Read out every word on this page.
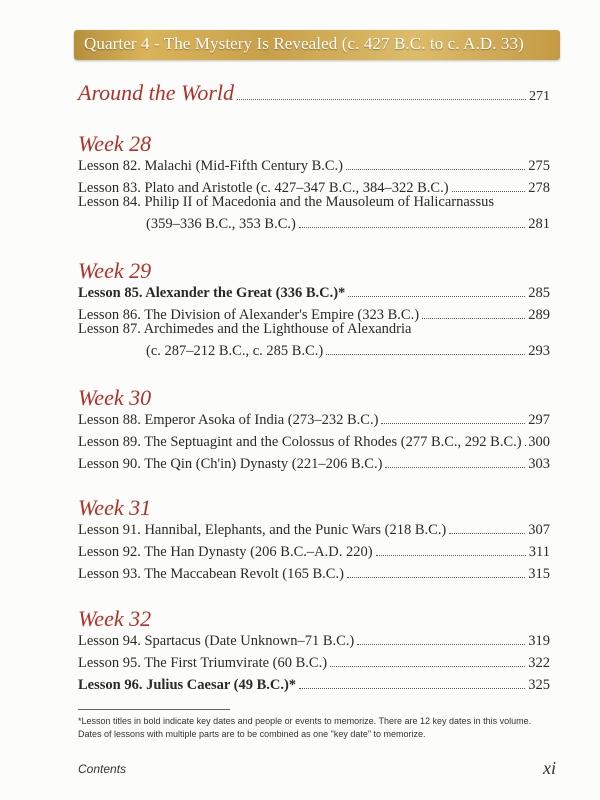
Quarter 4 - The Mystery Is Revealed (c. 427 B.C. to c. A.D. 33)
Around the World	271
Week 28
Lesson 82. Malachi (Mid-Fifth Century B.C.)	275
Lesson 83. Plato and Aristotle (c. 427–347 B.C., 384–322 B.C.)	278
Lesson 84. Philip II of Macedonia and the Mausoleum of Halicarnassus
(359–336 B.C., 353 B.C.)	281
Week 29
Lesson 85. Alexander the Great (336 B.C.)*	285
Lesson 86. The Division of Alexander's Empire (323 B.C.)	289
Lesson 87. Archimedes and the Lighthouse of Alexandria
(c. 287–212 B.C., c. 285 B.C.)	293
Week 30
Lesson 88. Emperor Asoka of India (273–232 B.C.)	297
Lesson 89. The Septuagint and the Colossus of Rhodes (277 B.C., 292 B.C.) 300
Lesson 90. The Qin (Ch'in) Dynasty (221–206 B.C.)	303
Week 31
Lesson 91. Hannibal, Elephants, and the Punic Wars (218 B.C.)	307
Lesson 92. The Han Dynasty (206 B.C.–A.D. 220)	311
Lesson 93. The Maccabean Revolt (165 B.C.)	315
Week 32
Lesson 94. Spartacus (Date Unknown–71 B.C.)	319
Lesson 95. The First Triumvirate (60 B.C.)	322
Lesson 96. Julius Caesar (49 B.C.)*	325
*Lesson titles in bold indicate key dates and people or events to memorize. There are 12 key dates in this volume.
Dates of lessons with multiple parts are to be combined as one "key date" to memorize.
Contents	xi
